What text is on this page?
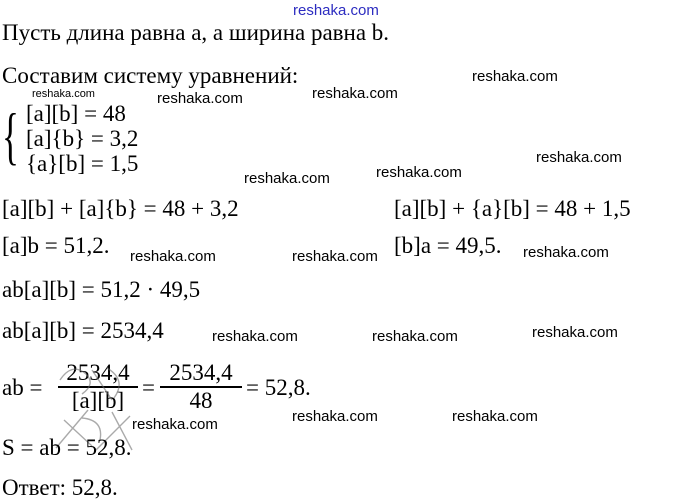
reshaka.com
Пусть длина равна a, а ширина равна b.
Составим систему уравнений:
{ [a][b] = 48
[a]{b} = 3,2
{a}[b] = 1,5
[a][b] + [a]{b} = 48 + 3,2	[a][b] + {a}[b] = 48 + 1,5
[a]b = 51,2.	[b]a = 49,5.
ab[a][b] = 51,2 · 49,5
ab[a][b] = 2534,4
ab =
2534,4
[a][b] =
2534,4
48	= 52,8.
S = ab = 52,8.
Ответ: 52,8.
reshaka.com	reshaka.com	reshaka.com
reshaka.com
reshaka.com
reshaka.com	reshaka.com
reshaka.com	reshaka.com	reshaka.com
reshaka.com	reshaka.com	reshaka.com
reshaka.com	reshaka.com	reshaka.com
